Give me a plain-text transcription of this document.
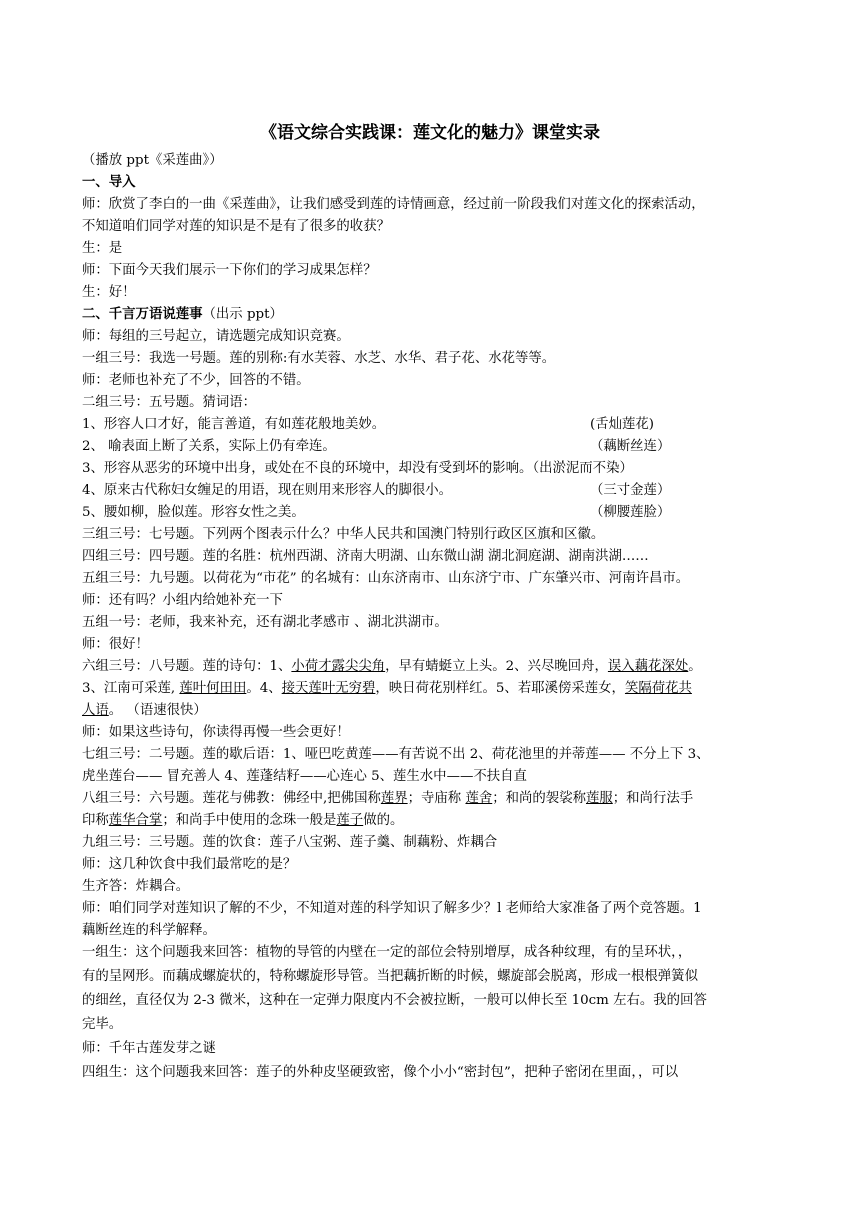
《语文综合实践课：莲文化的魅力》课堂实录
（播放 ppt《采莲曲》）
一、导入
师：欣赏了李白的一曲《采莲曲》，让我们感受到莲的诗情画意，经过前一阶段我们对莲文化的探索活动，
不知道咱们同学对莲的知识是不是有了很多的收获？
生：是
师：下面今天我们展示一下你们的学习成果怎样？
生：好！
二、千言万语说莲事（出示 ppt）
师：每组的三号起立，请选题完成知识竞赛。
一组三号：我选一号题。莲的别称:有水芙蓉、水芝、水华、君子花、水花等等。
师：老师也补充了不少，回答的不错。
二组三号：五号题。猜词语：
1、形容人口才好，能言善道，有如莲花般地美妙。	(舌灿莲花)
2、 喻表面上断了关系，实际上仍有牵连。	（藕断丝连）
3、形容从恶劣的环境中出身，或处在不良的环境中，却没有受到坏的影响。（出淤泥而不染）
4、原来古代称妇女缠足的用语，现在则用来形容人的脚很小。	（三寸金莲）
5、腰如柳，脸似莲。形容女性之美。	（柳腰莲脸）
三组三号：七号题。下列两个图表示什么？中华人民共和国澳门特别行政区区旗和区徽。
四组三号：四号题。莲的名胜：杭州西湖、济南大明湖、山东微山湖 湖北洞庭湖、湖南洪湖……
五组三号：九号题。以荷花为“市花” 的名城有：山东济南市、山东济宁市、广东肇兴市、河南许昌市。
师：还有吗？小组内给她补充一下
五组一号：老师，我来补充，还有湖北孝感市 、湖北洪湖市。
师：很好！
六组三号：八号题。莲的诗句：1、小荷才露尖尖角，早有蜻蜓立上头。2、兴尽晚回舟，误入藕花深处。
3、江南可采莲, 莲叶何田田。4、接天莲叶无穷碧，映日荷花别样红。5、若耶溪傍采莲女，笑隔荷花共
人语。 （语速很快）
师：如果这些诗句，你读得再慢一些会更好！
七组三号：二号题。莲的歇后语：1、哑巴吃黄莲——有苦说不出 2、荷花池里的并蒂莲—— 不分上下 3、
虎坐莲台—— 冒充善人 4、莲蓬结籽——心连心 5、莲生水中——不扶自直
八组三号：六号题。莲花与佛教：佛经中,把佛国称莲界；寺庙称 莲舍；和尚的袈裟称莲服；和尚行法手
印称莲华合掌；和尚手中使用的念珠一般是莲子做的。
九组三号：三号题。莲的饮食：莲子八宝粥、莲子羹、制藕粉、炸耦合
师：这几种饮食中我们最常吃的是？
生齐答：炸耦合。
师：咱们同学对莲知识了解的不少，不知道对莲的科学知识了解多少？l 老师给大家准备了两个竞答题。1
藕断丝连的科学解释。
一组生：这个问题我来回答：植物的导管的内壁在一定的部位会特别增厚，成各种纹理，有的呈环状，，
有的呈网形。而藕成螺旋状的，特称螺旋形导管。当把藕折断的时候，螺旋部会脱离，形成一根根弹簧似
的细丝，直径仅为 2-3 微米，这种在一定弹力限度内不会被拉断，一般可以伸长至 10cm 左右。我的回答
完毕。
师：千年古莲发芽之谜
四组生：这个问题我来回答：莲子的外种皮坚硬致密，像个小小“密封包”，把种子密闭在里面，，可以
